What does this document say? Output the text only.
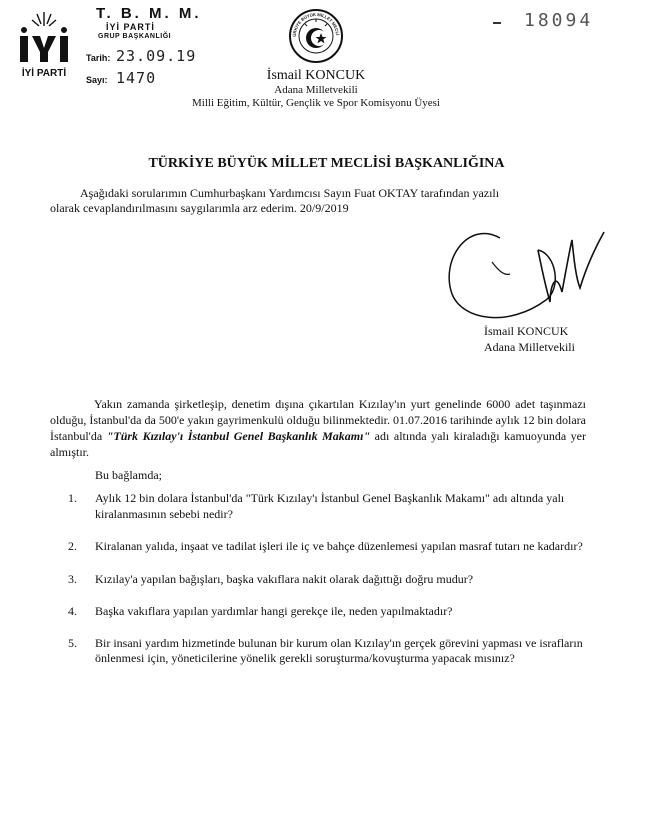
İYİ PARTİ
T. B. M. M.
İYİ PARTİ
GRUP BAŞKANLIĞI
Tarih: 23.09.19
Sayı: 1470
ÜRKİYE BÜYÜK MİLLET MECLİ
18094
İsmail KONCUK
Adana Milletvekili
Milli Eğitim, Kültür, Gençlik ve Spor Komisyonu Üyesi
TÜRKİYE BÜYÜK MİLLET MECLİSİ BAŞKANLIĞINA
Aşağıdaki sorularımın Cumhurbaşkanı Yardımcısı Sayın Fuat OKTAY tarafından yazılı
olarak cevaplandırılmasını saygılarımla arz ederim. 20/9/2019
İsmail KONCUK
Adana Milletvekili
Yakın zamanda şirketleşip, denetim dışına çıkartılan Kızılay'ın yurt genelinde 6000 adet taşınmazı olduğu, İstanbul'da da 500'e yakın gayrimenkulü olduğu bilinmektedir. 01.07.2016 tarihinde aylık 12 bin dolara İstanbul'da "Türk Kızılay'ı İstanbul Genel Başkanlık Makamı" adı altında yalı kiraladığı kamuoyunda yer almıştır.
Bu bağlamda;
1.	Aylık 12 bin dolara İstanbul'da "Türk Kızılay'ı İstanbul Genel Başkanlık Makamı" adı altında yalı kiralanmasının sebebi nedir?
2.	Kiralanan yalıda, inşaat ve tadilat işleri ile iç ve bahçe düzenlemesi yapılan masraf tutarı ne kadardır?
3.	Kızılay'a yapılan bağışları, başka vakıflara nakit olarak dağıttığı doğru mudur?
4.	Başka vakıflara yapılan yardımlar hangi gerekçe ile, neden yapılmaktadır?
5.	Bir insani yardım hizmetinde bulunan bir kurum olan Kızılay'ın gerçek görevini yapması ve israfların önlenmesi için, yöneticilerine yönelik gerekli soruşturma/kovuşturma yapacak mısınız?
